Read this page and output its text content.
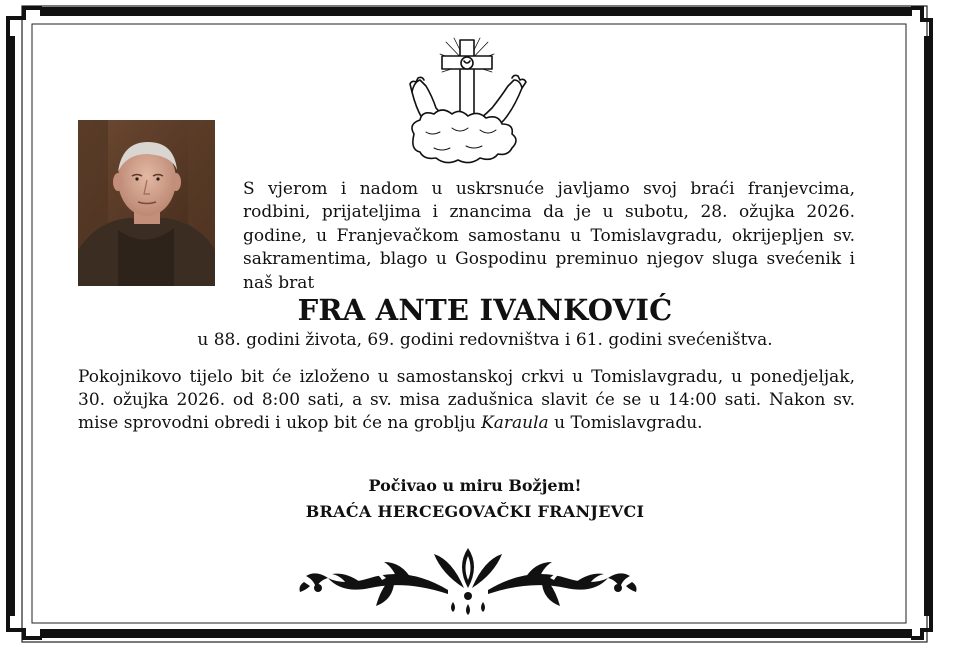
S vjerom i nadom u uskrsnuće javljamo svoj braći franjevcima, rodbini, prijateljima i znancima da je u subotu, 28. ožujka 2026. godine, u Franjevačkom samostanu u Tomislavgradu, okrijepljen sv. sakramentima, blago u Gospodinu preminuo njegov sluga svećenik i naš brat

FRA ANTE IVANKOVIĆ

u 88. godini života, 69. godini redovništva i 61. godini svećeništva.

Pokojnikovo tijelo bit će izloženo u samostanskoj crkvi u Tomislavgradu, u ponedjeljak, 30. ožujka 2026. od 8:00 sati, a sv. misa zadušnica slavit će se u 14:00 sati. Nakon sv. mise sprovodni obredi i ukop bit će na groblju Karaula u Tomislavgradu.

Počivao u miru Božjem!

BRAĆA HERCEGOVAČKI FRANJEVCI
